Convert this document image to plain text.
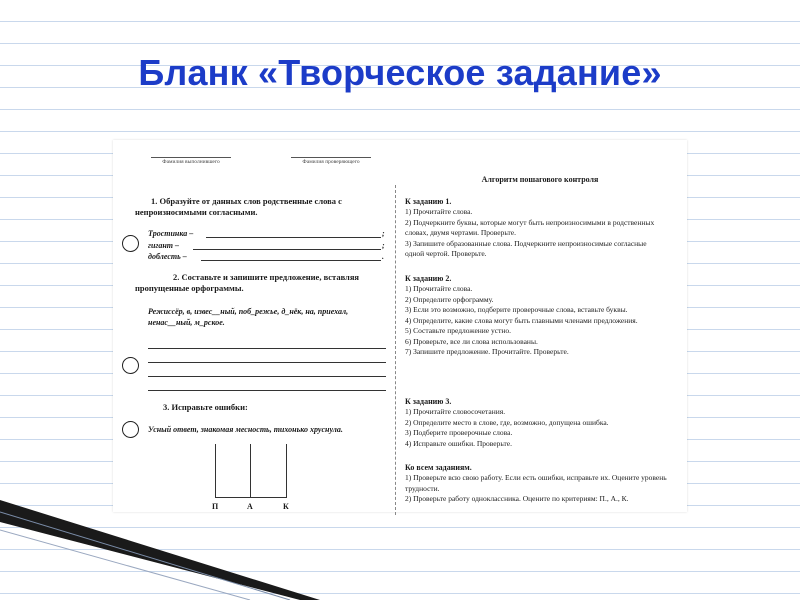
Бланк «Творческое задание»
Фамилия выполнившего	Фамилия проверяющего
1. Образуйте от данных слов родственные слова с непроизносимыми согласными.
Тростинка –	;
гигант –	;
доблесть –	.
2. Составьте и запишите предложение, вставляя пропущенные орфограммы.
Режиссёр, в, извес__ный, поб_режье, д_нёк, на, приехал, ненас__ный, м_рское.
3. Исправьте ошибки:
Усный ответ, знакомая месность, тихонько хруснула.
П	А	К
Алгоритм пошагового контроля
К заданию 1.
1) Прочитайте слова.
2) Подчеркните буквы, которые могут быть непроизносимыми в родственных словах, двумя чертами. Проверьте.
3) Запишите образованные слова. Подчеркните непроизносимые согласные одной чертой. Проверьте.
К заданию 2.
1) Прочитайте слова.
2) Определите орфограмму.
3) Если это возможно, подберите проверочные слова, вставьте буквы.
4) Определите, какие слова могут быть главными членами предложения.
5) Составьте предложение устно.
6) Проверьте, все ли слова использованы.
7) Запишите предложение. Прочитайте. Проверьте.
К заданию 3.
1) Прочитайте словосочетания.
2) Определите место в слове, где, возможно, допущена ошибка.
3) Подберите проверочные слова.
4) Исправьте ошибки. Проверьте.
Ко всем заданиям.
1) Проверьте всю свою работу. Если есть ошибки, исправьте их. Оцените уровень трудности.
2) Проверьте работу одноклассника. Оцените по критериям: П., А., К.
